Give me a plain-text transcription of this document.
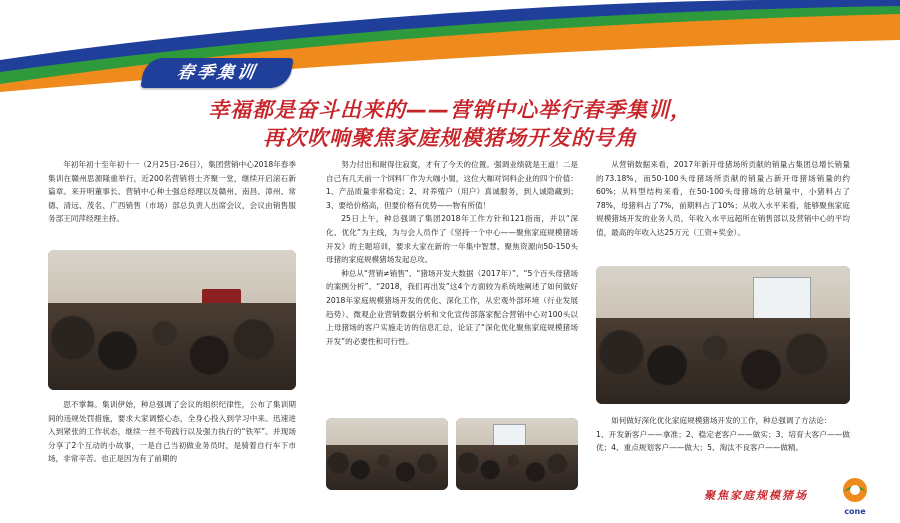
春季集训
幸福都是奋斗出来的——营销中心举行春季集训，
再次吹响聚焦家庭规模猪场开发的号角

年初年初十至年初十一（2月25日-26日），集团营销中心2018年春季集训在赣州思源隆重举行，近200名营销将士齐聚一堂，继续开启滚石新篇章。来开明董事长、营销中心种士强总经理以及赣州、南昌、漳州、常德、清远、茂名、广西销售（市场）部总负责人出席会议，会议由销售服务部王同萍经理主持。

思不掌舞。集训伊始，种总强调了会议的组织纪律性，公布了集训期间的违规处罚措施，要求大家调整心态，全身心投入到学习中来。迅速进入到紧张的工作状态，继续一丝不苟践行以及强力执行的“铁军”。并现场分享了2个互动的小故事，一是自己当初做业务员时，是骑着自行车下市场，非常辛苦。也正是因为有了前期的

努力付出和耐得住寂寞，才有了今天的位置。强调业绩就是王道！二是自己有几天前一个饲料厂作为大咖小舅，这位大咖对饲料企业的四个价值：1、产品质量非常稳定；2、对养殖户（用户）真诚服务，到人诚隐藏到；3、要给价格高，但要价格有优势——物有所值！

25日上午，种总强调了集团2018年工作方针和121指南，并以“深化、优化”为主线，为与会人员作了《坚持一个中心——聚焦家庭规模猪场开发》的主题培训，要求大家在新的一年集中智慧、聚焦资源向50-150头母猪的家庭规模猪场发起总攻。

种总从“营销≠销售”、“猪场开发大数据（2017年）”、“5个百头母猪场的案例分析”、“2018，我们再出发”这4个方面较为系统地阐述了如何做好2018年家庭规模猪场开发的优化、深化工作，从宏观外部环境（行业发展趋势）、微观企业营销数据分析和文化宣传部落家配合营销中心对100头以上母猪场的客户实施走访的信息汇总，论证了“深化优化聚焦家庭规模猪场开发”的必要性和可行性。

从营销数据来看，2017年新开母猪场所贡献的销量占集团总增长销量的73.18%，而50-100头母猪场所贡献的销量占新开母猪场销量的约60%；从料型结构来看，在50-100头母猪场的总销量中，小猪料占了78%，母猪料占了7%，前期料占了10%；从收入水平来看，能够聚焦家庭规模猪场开发的业务人员，年收入水平远超所在销售部以及营销中心的平均值，最高的年收入达25万元（工资+奖金）。

如何做好深化优化家庭规模猪场开发的工作，种总强调了方法论：

1、开发新客户——拿准；2、稳定老客户——做实；3、培育大客户——做优；4、重点规划客户——做大；5、淘汰不良客户——做精。

聚焦家庭规模猪场
cone
